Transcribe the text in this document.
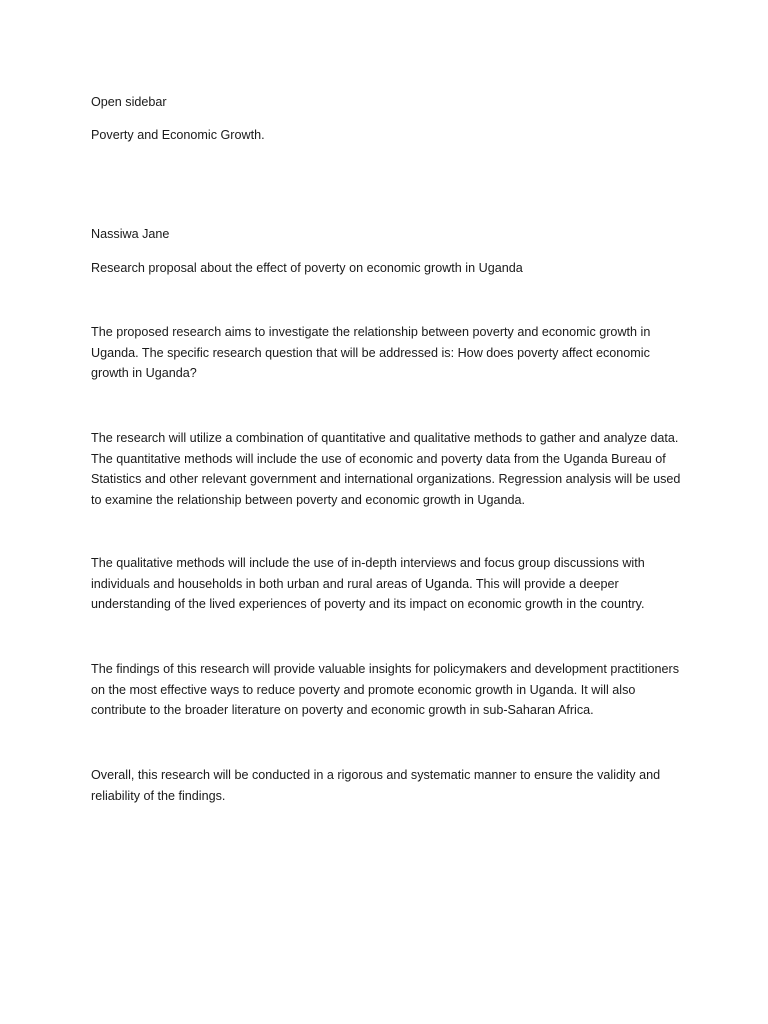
Open sidebar
Poverty and Economic Growth.
Nassiwa Jane
Research proposal about the effect of poverty on economic growth in Uganda

The proposed research aims to investigate the relationship between poverty and economic growth in Uganda. The specific research question that will be addressed is: How does poverty affect economic growth in Uganda?

The research will utilize a combination of quantitative and qualitative methods to gather and analyze data. The quantitative methods will include the use of economic and poverty data from the Uganda Bureau of Statistics and other relevant government and international organizations. Regression analysis will be used to examine the relationship between poverty and economic growth in Uganda.

The qualitative methods will include the use of in-depth interviews and focus group discussions with individuals and households in both urban and rural areas of Uganda. This will provide a deeper understanding of the lived experiences of poverty and its impact on economic growth in the country.

The findings of this research will provide valuable insights for policymakers and development practitioners on the most effective ways to reduce poverty and promote economic growth in Uganda. It will also contribute to the broader literature on poverty and economic growth in sub-Saharan Africa.

Overall, this research will be conducted in a rigorous and systematic manner to ensure the validity and reliability of the findings.
